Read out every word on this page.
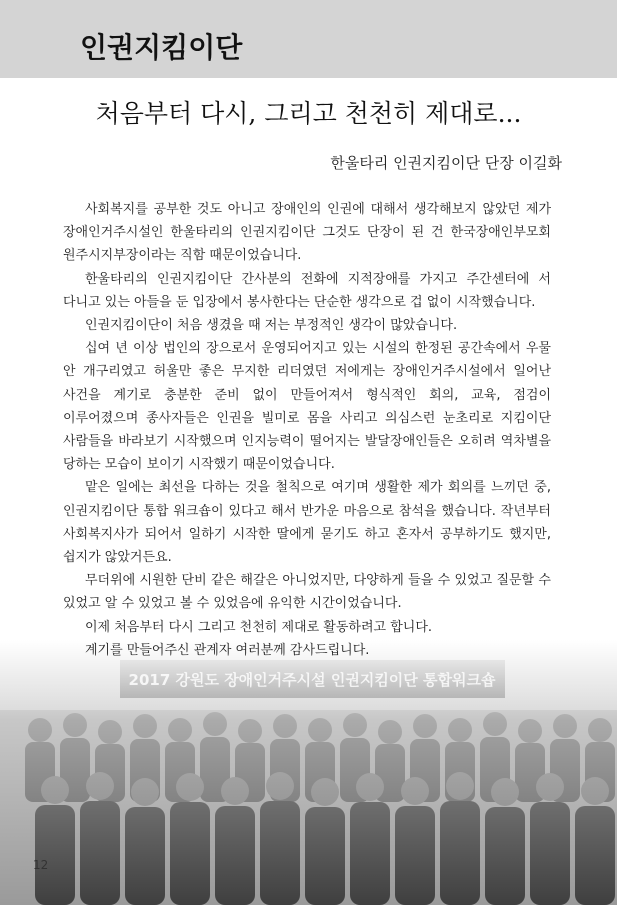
인권지킴이단
처음부터 다시, 그리고 천천히 제대로...

한울타리 인권지킴이단 단장 이길화

사회복지를 공부한 것도 아니고 장애인의 인권에 대해서 생각해보지 않았던 제가 장애인거주시설인 한울타리의 인권지킴이단 그것도 단장이 된 건 한국장애인부모회 원주시지부장이라는 직함 때문이었습니다.

한울타리의 인권지킴이단 간사분의 전화에 지적장애를 가지고 주간센터에 서 다니고 있는 아들을 둔 입장에서 봉사한다는 단순한 생각으로 겁 없이 시작했습니다.

인권지킴이단이 처음 생겼을 때 저는 부정적인 생각이 많았습니다.

십여 년 이상 법인의 장으로서 운영되어지고 있는 시설의 한정된 공간속에서 우물 안 개구리였고 허울만 좋은 무지한 리더였던 저에게는 장애인거주시설에서 일어난 사건을 계기로 충분한 준비 없이 만들어져서 형식적인 회의, 교육, 점검이 이루어졌으며 종사자들은 인권을 빌미로 몸을 사리고 의심스런 눈초리로 지킴이단 사람들을 바라보기 시작했으며 인지능력이 떨어지는 발달장애인들은 오히려 역차별을 당하는 모습이 보이기 시작했기 때문이었습니다.

맡은 일에는 최선을 다하는 것을 철칙으로 여기며 생활한 제가 회의를 느끼던 중, 인권지킴이단 통합 워크숍이 있다고 해서 반가운 마음으로 참석을 했습니다. 작년부터 사회복지사가 되어서 일하기 시작한 딸에게 묻기도 하고 혼자서 공부하기도 했지만, 쉽지가 않았거든요.

무더위에 시원한 단비 같은 해갈은 아니었지만, 다양하게 들을 수 있었고 질문할 수 있었고 알 수 있었고 볼 수 있었음에 유익한 시간이었습니다.

이제 처음부터 다시 그리고 천천히 제대로 활동하려고 합니다.

계기를 만들어주신 관계자 여러분께 감사드립니다.

12
